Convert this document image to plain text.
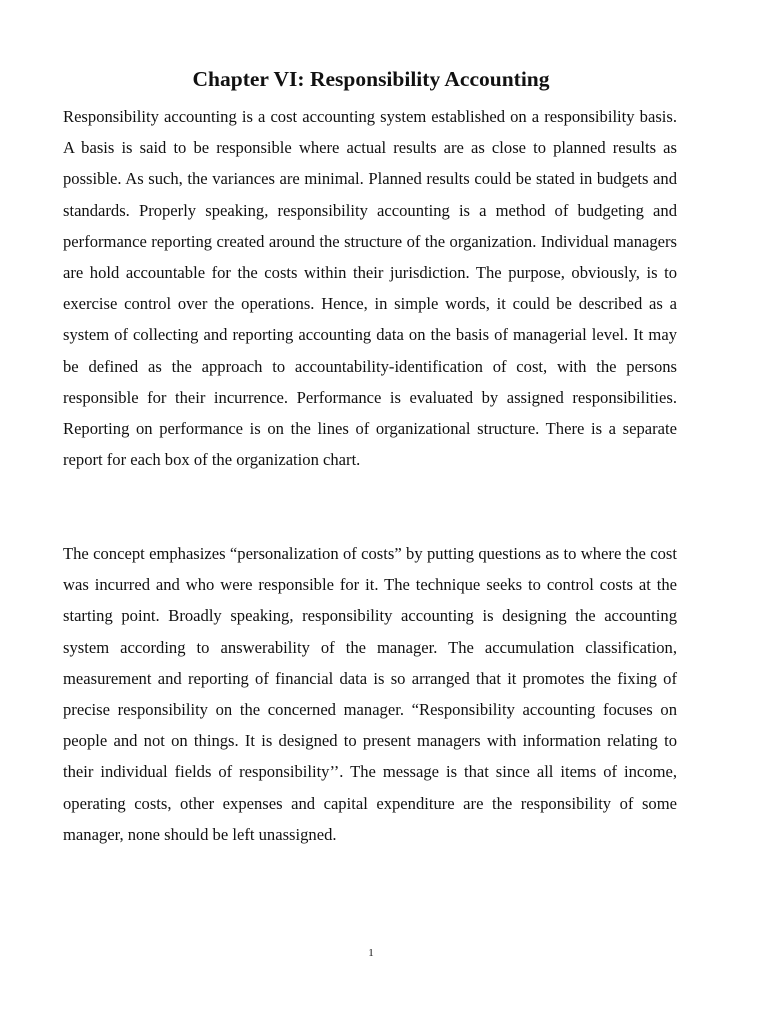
Chapter VI: Responsibility Accounting

Responsibility accounting is a cost accounting system established on a responsibility basis. A basis is said to be responsible where actual results are as close to planned results as possible. As such, the variances are minimal. Planned results could be stated in budgets and standards. Properly speaking, responsibility accounting is a method of budgeting and performance reporting created around the structure of the organization. Individual managers are hold accountable for the costs within their jurisdiction. The purpose, obviously, is to exercise control over the operations. Hence, in simple words, it could be described as a system of collecting and reporting accounting data on the basis of managerial level. It may be defined as the approach to accountability-identification of cost, with the persons responsible for their incurrence. Performance is evaluated by assigned responsibilities. Reporting on performance is on the lines of organizational structure. There is a separate report for each box of the organization chart.

The concept emphasizes “personalization of costs” by putting questions as to where the cost was incurred and who were responsible for it. The technique seeks to control costs at the starting point. Broadly speaking, responsibility accounting is designing the accounting system according to answerability of the manager. The accumulation classification, measurement and reporting of financial data is so arranged that it promotes the fixing of precise responsibility on the concerned manager. “Responsibility accounting focuses on people and not on things. It is designed to present managers with information relating to their individual fields of responsibility’’. The message is that since all items of income, operating costs, other expenses and capital expenditure are the responsibility of some manager, none should be left unassigned.

1
